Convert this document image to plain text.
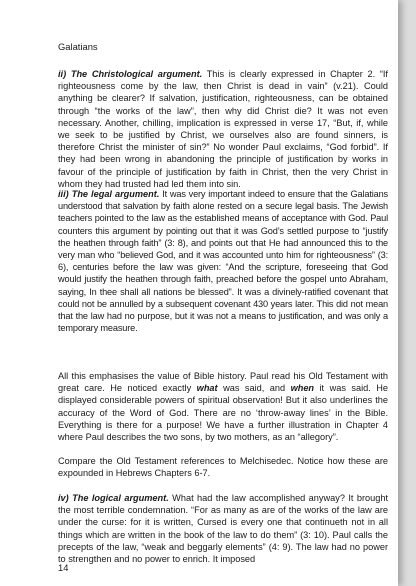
Galatians

ii) The Christological argument. This is clearly expressed in Chapter 2. “If righteousness come by the law, then Christ is dead in vain” (v.21). Could anything be clearer? If salvation, justification, righteousness, can be obtained through “the works of the law”, then why did Christ die? It was not even necessary. Another, chilling, implication is expressed in verse 17, “But, if, while we seek to be justified by Christ, we ourselves also are found sinners, is therefore Christ the minister of sin?” No wonder Paul exclaims, “God forbid”. If they had been wrong in abandoning the principle of justification by works in favour of the principle of justification by faith in Christ, then the very Christ in whom they had trusted had led them into sin.

iii) The legal argument. It was very important indeed to ensure that the Galatians understood that salvation by faith alone rested on a secure legal basis. The Jewish teachers pointed to the law as the established means of acceptance with God. Paul counters this argument by pointing out that it was God’s settled purpose to “justify the heathen through faith” (3: 8), and points out that He had announced this to the very man who “believed God, and it was accounted unto him for righteousness” (3: 6), centuries before the law was given: “And the scripture, foreseeing that God would justify the heathen through faith, preached before the gospel unto Abraham, saying, In thee shall all nations be blessed”. It was a divinely-ratified covenant that could not be annulled by a subsequent covenant 430 years later. This did not mean that the law had no purpose, but it was not a means to justification, and was only a temporary measure.

All this emphasises the value of Bible history. Paul read his Old Testament with great care. He noticed exactly what was said, and when it was said. He displayed considerable powers of spiritual observation! But it also underlines the accuracy of the Word of God. There are no ‘throw-away lines’ in the Bible. Everything is there for a purpose! We have a further illustration in Chapter 4 where Paul describes the two sons, by two mothers, as an “allegory”.

Compare the Old Testament references to Melchisedec. Notice how these are expounded in Hebrews Chapters 6-7.

iv) The logical argument. What had the law accomplished anyway? It brought the most terrible condemnation. “For as many as are of the works of the law are under the curse: for it is written, Cursed is every one that continueth not in all things which are written in the book of the law to do them” (3: 10). Paul calls the precepts of the law, “weak and beggarly elements” (4: 9). The law had no power to strengthen and no power to enrich. It imposed

14
